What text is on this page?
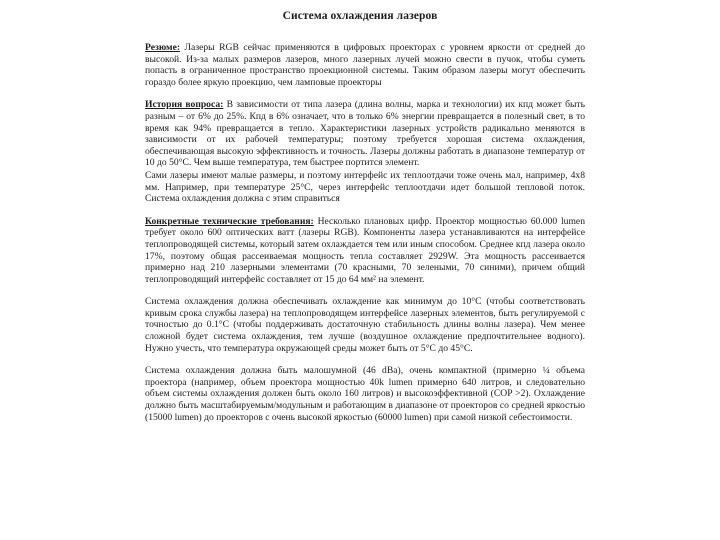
Система охлаждения лазеров

Резюме: Лазеры RGB сейчас применяются в цифровых проекторах с уровнем яркости от средней до высокой. Из-за малых размеров лазеров, много лазерных лучей можно свести в пучок, чтобы суметь попасть в ограниченное пространство проекционной системы. Таким образом лазеры могут обеспечить гораздо более яркую проекцию, чем ламповые проекторы

История вопроса: В зависимости от типа лазера (длина волны, марка и технологии) их кпд может быть разным – от 6% до 25%. Кпд в 6% означает, что в только 6% энергии превращается в полезный свет, в то время как 94% превращается в тепло. Характеристики лазерных устройств радикально меняются в зависимости от их рабочей температуры; поэтому требуется хорошая система охлаждения, обеспечивающая высокую эффективность и точность. Лазеры должны работать в диапазоне температур от 10 до 50°C. Чем выше температура, тем быстрее портится элемент.

Сами лазеры имеют малые размеры, и поэтому интерфейс их теплоотдачи тоже очень мал, например, 4x8 мм. Например, при температуре 25°C, через интерфейс теплоотдачи идет большой тепловой поток. Система охлаждения должна с этим справиться

Конкретные технические требования: Несколько плановых цифр. Проектор мощностью 60.000 lumen требует около 600 оптических ватт (лазеры RGB). Компоненты лазера устанавливаются на интерфейсе теплопроводящей системы, который затем охлаждается тем или иным способом. Среднее кпд лазера около 17%, поэтому общая рассеиваемая мощность тепла составляет 2929W. Эта мощность рассеивается примерно над 210 лазерными элементами (70 красными, 70 зелеными, 70 синими), причем общий теплопроводящий интерфейс составляет от 15 до 64 мм² на элемент.

Система охлаждения должна обеспечивать охлаждение как минимум до 10°C (чтобы соответствовать кривым срока службы лазера) на теплопроводящем интерфейсе лазерных элементов, быть регулируемой с точностью до 0.1°C (чтобы поддерживать достаточную стабильность длины волны лазера). Чем менее сложной будет система охлаждения, тем лучше (воздушное охлаждение предпочтительнее водного). Нужно учесть, что температура окружающей среды может быть от 5°C до 45°C.

Система охлаждения должна быть малошумной (46 dBa), очень компактной (примерно ¼ объема проектора (например, объем проектора мощностью 40k lumen примерно 640 литров, и следовательно объем системы охлаждения должен быть около 160 литров) и высокоэффективной (COP >2). Охлаждение должно быть масштабируемым/модульным и работающим в диапазоне от проекторов со средней яркостью (15000 lumen) до проекторов с очень высокой яркостью (60000 lumen) при самой низкой себестоимости.
